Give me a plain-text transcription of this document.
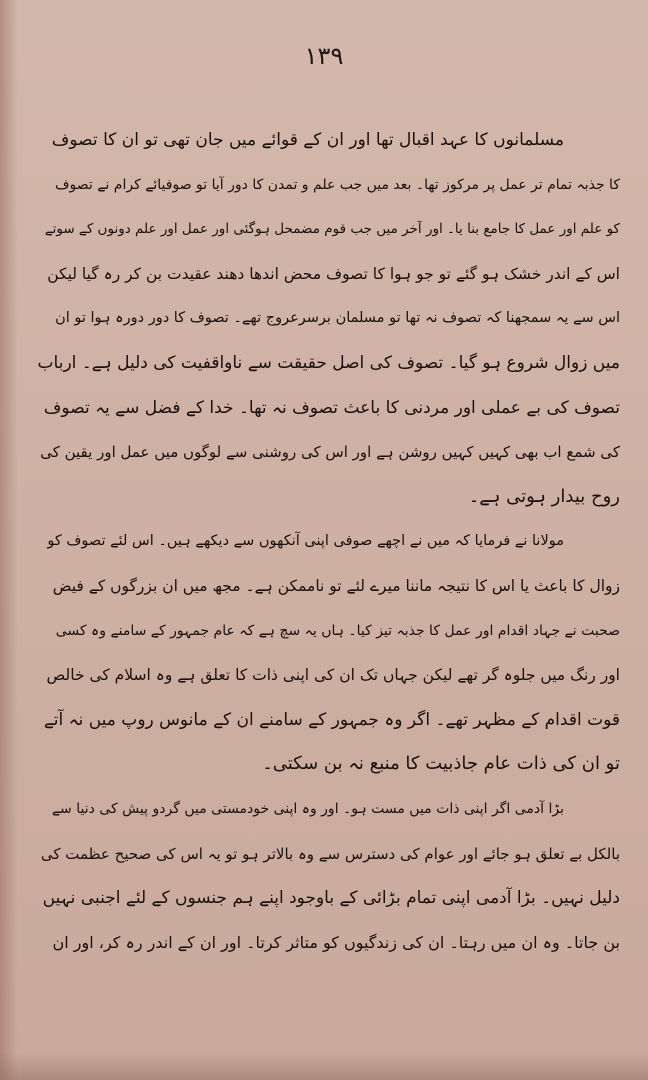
۱۳۹
مسلمانوں کا عہد اقبال تھا اور ان کے قوائے میں جان تھی تو ان کا تصوف
کا جذبہ تمام تر عمل پر مرکوز تھا۔ بعد میں جب علم و تمدن کا دور آیا تو صوفیائے کرام نے تصوف
کو علم اور عمل کا جامع بنا یا۔ اور آخر میں جب قوم مضمحل ہوگئی اور عمل اور علم دونوں کے سوتے
اس کے اندر خشک ہو گئے تو جو ہوا کا تصوف محض اندھا دھند عقیدت بن کر رہ گیا لیکن
اس سے یہ سمجھنا کہ تصوف نہ تھا تو مسلمان برسرعروج تھے۔ تصوف کا دور دورہ ہوا تو ان
میں زوال شروع ہو گیا۔ تصوف کی اصل حقیقت سے ناواقفیت کی دلیل ہے۔ ارباب
تصوف کی بے عملی اور مردنی کا باعث تصوف نہ تھا۔ خدا کے فضل سے یہ تصوف
کی شمع اب بھی کہیں کہیں روشن ہے اور اس کی روشنی سے لوگوں میں عمل اور یقین کی
روح بیدار ہوتی ہے۔
مولانا نے فرمایا کہ میں نے اچھے صوفی اپنی آنکھوں سے دیکھے ہیں۔ اس لئے تصوف کو
زوال کا باعث یا اس کا نتیجہ ماننا میرے لئے تو ناممکن ہے۔ مجھ میں ان بزرگوں کے فیض
صحبت نے جہاد اقدام اور عمل کا جذبہ تیز کیا۔ ہاں یہ سچ ہے کہ عام جمہور کے سامنے وہ کسی
اور رنگ میں جلوہ گر تھے لیکن جہاں تک ان کی اپنی ذات کا تعلق ہے وہ اسلام کی خالص
قوت اقدام کے مظہر تھے۔ اگر وہ جمہور کے سامنے ان کے مانوس روپ میں نہ آتے
تو ان کی ذات عام جاذبیت کا منبع نہ بن سکتی۔
بڑا آدمی اگر اپنی ذات میں مست ہو۔ اور وہ اپنی خودمستی میں گردو پیش کی دنیا سے
بالکل بے تعلق ہو جائے اور عوام کی دسترس سے وہ بالاتر ہو تو یہ اس کی صحیح عظمت کی
دلیل نہیں۔ بڑا آدمی اپنی تمام بڑائی کے باوجود اپنے ہم جنسوں کے لئے اجنبی نہیں
بن جاتا۔ وہ ان میں رہتا۔ ان کی زندگیوں کو متاثر کرتا۔ اور ان کے اندر رہ کر، اور ان
